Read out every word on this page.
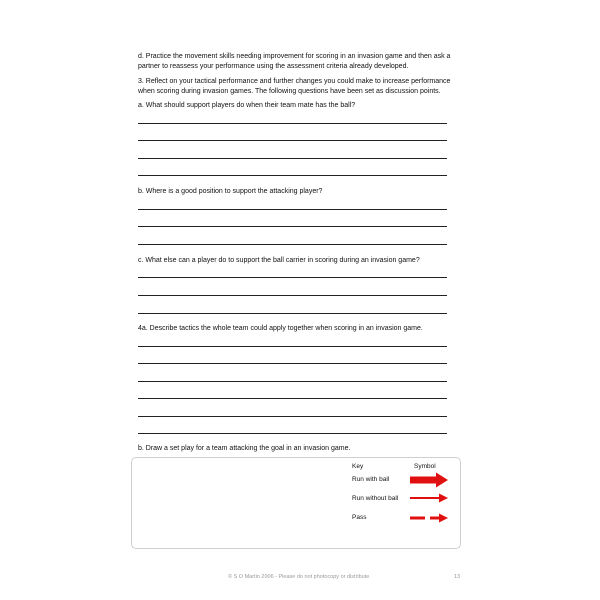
d. Practice the movement skills needing improvement for scoring in an invasion game and then ask a partner to reassess your performance using the assessment criteria already developed.

3. Reflect on your tactical performance and further changes you could make to increase performance when scoring during invasion games. The following questions have been set as discussion points.

a. What should support players do when their team mate has the ball?

b. Where is a good position to support the attacking player?

c. What else can a player do to support the ball carrier in scoring during an invasion game?

4a. Describe tactics the whole team could apply together when scoring in an invasion game.

b. Draw a set play for a team attacking the goal in an invasion game.

Key	Symbol
Run with ball
Run without ball
Pass
© S O Martin 2006 - Please do not photocopy or distribute	13
